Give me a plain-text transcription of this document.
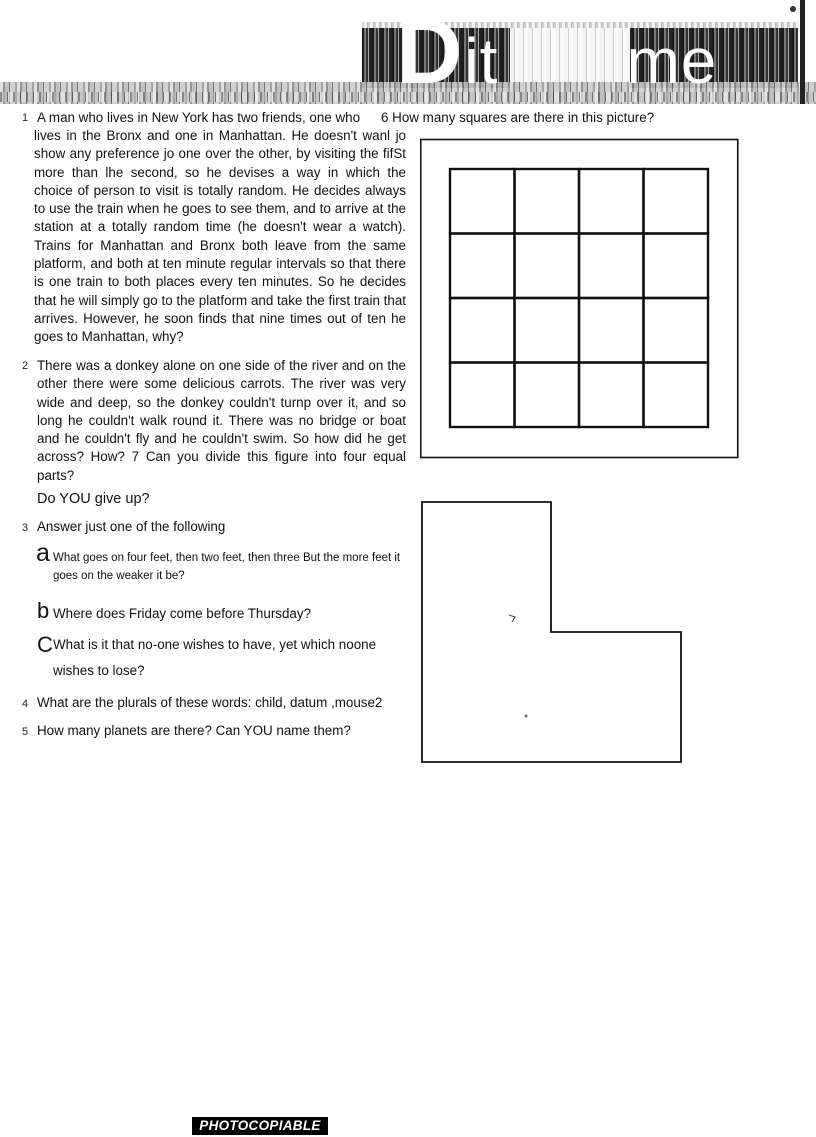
Dit me
1 A man who lives in New York has two friends, one who
lives in the Bronx and one in Manhattan. He doesn't wanl jo show any preference jo one over the other, by visiting the fifSt more than lhe second, so he devises a way in which the choice of person to visit is totally random. He decides always to use the train when he goes to see them, and to arrive at the station at a totally random time (he doesn't wear a watch). Trains for Manhattan and Bronx both leave from the same platform, and both at ten minute regular intervals so that there is one train to both places every ten minutes. So he decides that he will simply go to the platform and take the first train that arrives. However, he soon finds that nine times out of ten he goes to Manhattan, why?
6 How many squares are there in this picture?
2 There was a donkey alone on one side of the river and on the other there were some delicious carrots. The river was very wide and deep, so the donkey couldn't turnp over it, and so long he couldn't walk round it. There was no bridge or boat and he couldn't fly and he couldn't swim. So how did he get across? How? 7 Can you divide this figure into four equal parts?
Do YOU give up?
3 Answer just one of the following
a What goes on four feet, then two feet, then three But the more feet it goes on the weaker it be?
b Where does Friday come before Thursday?
C What is it that no-one wishes to have, yet which noone
wishes to lose?
4 What are the plurals of these words: child, datum ,mouse2
5 How many planets are there? Can YOU name them?
PHOTOCOPIABLE
